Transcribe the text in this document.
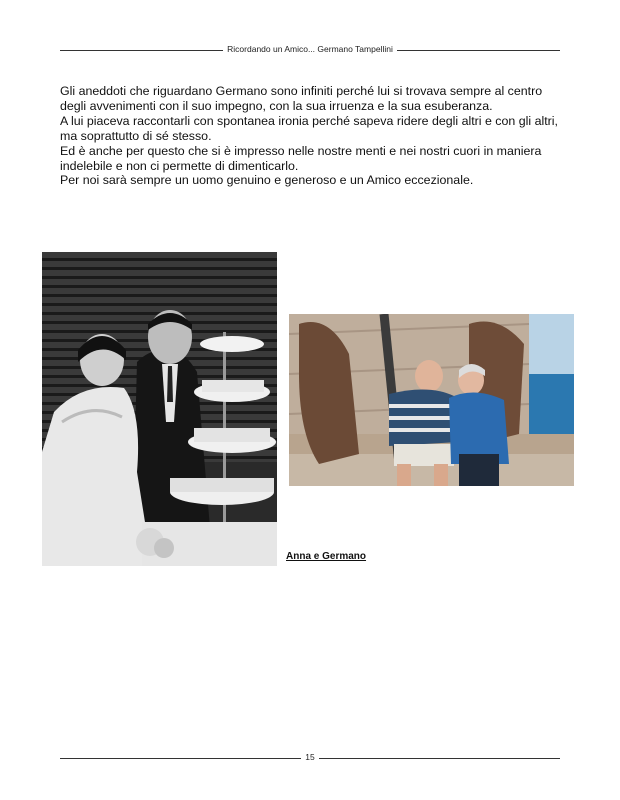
Ricordando un Amico... Germano Tampellini

Gli aneddoti che riguardano Germano sono infiniti perché lui si trovava sempre al centro degli avvenimenti con il suo impegno, con la sua irruenza e la sua esuberanza.

A lui piaceva raccontarli con spontanea ironia perché sapeva ridere degli altri e con gli altri, ma soprattutto di sé stesso.

Ed è anche per questo che si è impresso nelle nostre menti e nei nostri cuori in maniera indelebile e non ci permette di dimenticarlo.

Per noi sarà sempre un uomo genuino e generoso e un Amico eccezionale.

Anna e Germano
15
